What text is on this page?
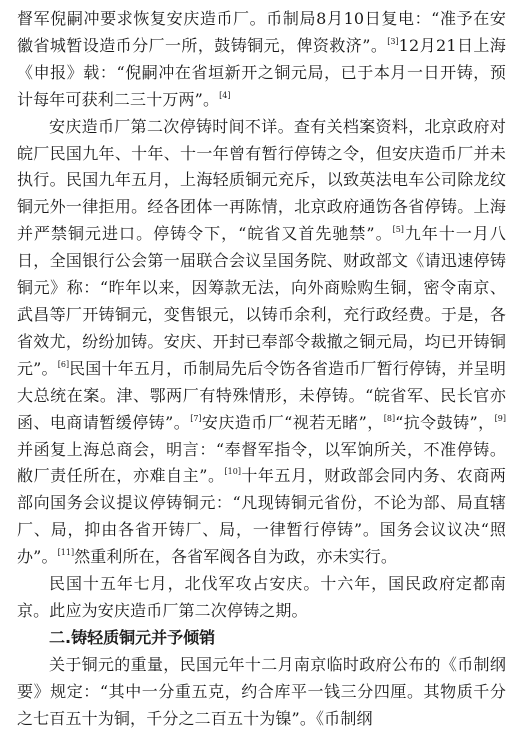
督军倪嗣冲要求恢复安庆造币厂。币制局8月10日复电：“准予在安徽省城暂设造币分厂一所，鼓铸铜元，俾资救济”。[3]12月21日上海《申报》载：“倪嗣冲在省垣新开之铜元局，已于本月一日开铸，预计每年可获利二三十万两”。[4]

安庆造币厂第二次停铸时间不详。查有关档案资料，北京政府对皖厂民国九年、十年、十一年曾有暂行停铸之令，但安庆造币厂并未执行。民国九年五月，上海轻质铜元充斥，以致英法电车公司除龙纹铜元外一律拒用。经各团体一再陈情，北京政府通饬各省停铸。上海并严禁铜元进口。停铸令下，“皖省又首先驰禁”。[5]九年十一月八日，全国银行公会第一届联合会议呈国务院、财政部文《请迅速停铸铜元》称：“昨年以来，因筹款无法，向外商赊购生铜，密令南京、武昌等厂开铸铜元，变售银元，以铸币余利，充行政经费。于是，各省效尤，纷纷加铸。安庆、开封已奉部令裁撤之铜元局，均已开铸铜元”。[6]民国十年五月，币制局先后令饬各省造币厂暂行停铸，并呈明大总统在案。津、鄂两厂有特殊情形，未停铸。“皖省军、民长官亦函、电商请暂缓停铸”。[7]安庆造币厂“视若无睹”，[8]“抗令鼓铸”，[9]并函复上海总商会，明言：“奉督军指令，以军饷所关，不准停铸。敝厂责任所在，亦难自主”。[10]十年五月，财政部会同内务、农商两部向国务会议提议停铸铜元：“凡现铸铜元省份，不论为部、局直辖厂、局，抑由各省开铸厂、局，一律暂行停铸”。国务会议议决“照办”。[11]然重利所在，各省军阀各自为政，亦未实行。

民国十五年七月，北伐军攻占安庆。十六年，国民政府定都南京。此应为安庆造币厂第二次停铸之期。

二.铸轻质铜元并予倾销

关于铜元的重量，民国元年十二月南京临时政府公布的《币制纲要》规定：“其中一分重五克，约合库平一钱三分四厘。其物质千分之七百五十为铜，千分之二百五十为镍”。《币制纲
